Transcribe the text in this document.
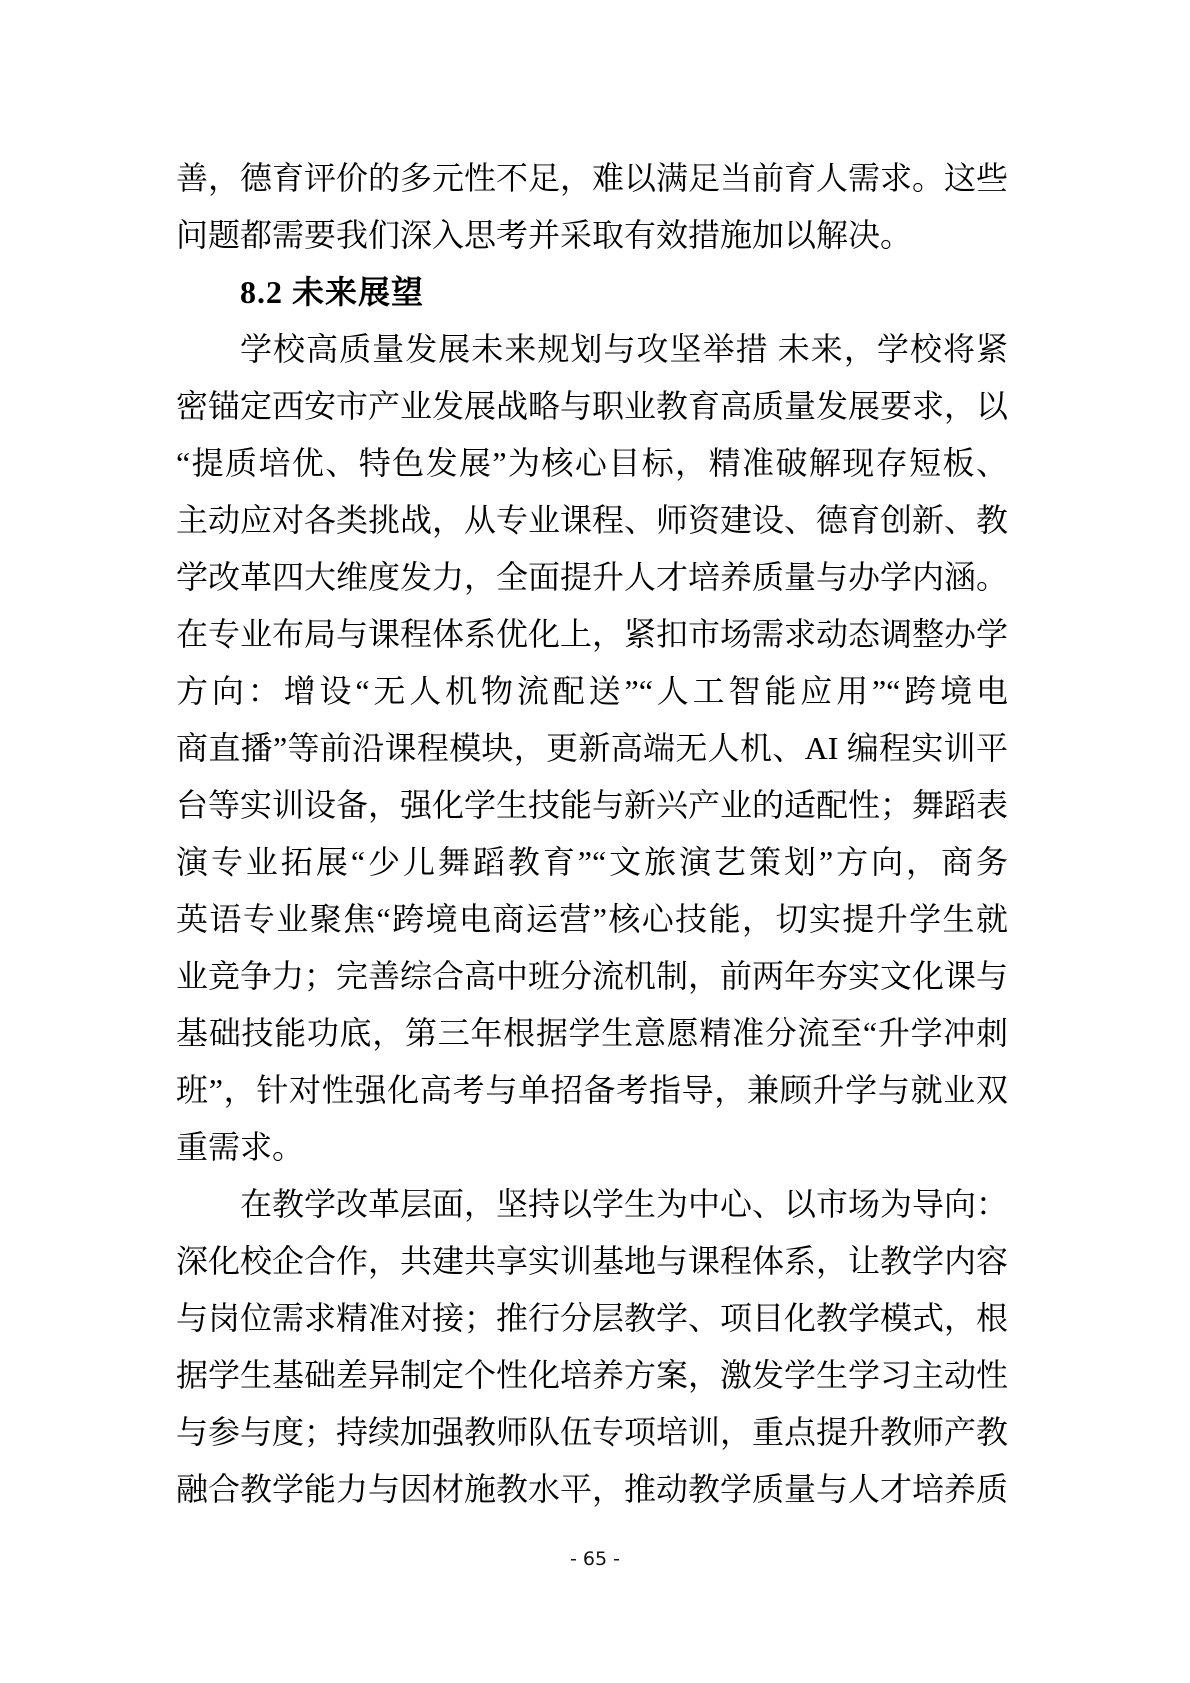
善，德育评价的多元性不足，难以满足当前育人需求。这些
问题都需要我们深入思考并采取有效措施加以解决。
8.2 未来展望
学校高质量发展未来规划与攻坚举措 未来，学校将紧
密锚定西安市产业发展战略与职业教育高质量发展要求，以
“提质培优、特色发展”为核心目标，精准破解现存短板、
主动应对各类挑战，从专业课程、师资建设、德育创新、教
学改革四大维度发力，全面提升人才培养质量与办学内涵。
在专业布局与课程体系优化上，紧扣市场需求动态调整办学
方向：增设“无人机物流配送”“人工智能应用”“跨境电
商直播”等前沿课程模块，更新高端无人机、AI 编程实训平
台等实训设备，强化学生技能与新兴产业的适配性；舞蹈表
演专业拓展“少儿舞蹈教育”“文旅演艺策划”方向，商务
英语专业聚焦“跨境电商运营”核心技能，切实提升学生就
业竞争力；完善综合高中班分流机制，前两年夯实文化课与
基础技能功底，第三年根据学生意愿精准分流至“升学冲刺
班”，针对性强化高考与单招备考指导，兼顾升学与就业双
重需求。
在教学改革层面，坚持以学生为中心、以市场为导向：
深化校企合作，共建共享实训基地与课程体系，让教学内容
与岗位需求精准对接；推行分层教学、项目化教学模式，根
据学生基础差异制定个性化培养方案，激发学生学习主动性
与参与度；持续加强教师队伍专项培训，重点提升教师产教
融合教学能力与因材施教水平，推动教学质量与人才培养质
- 65 -
